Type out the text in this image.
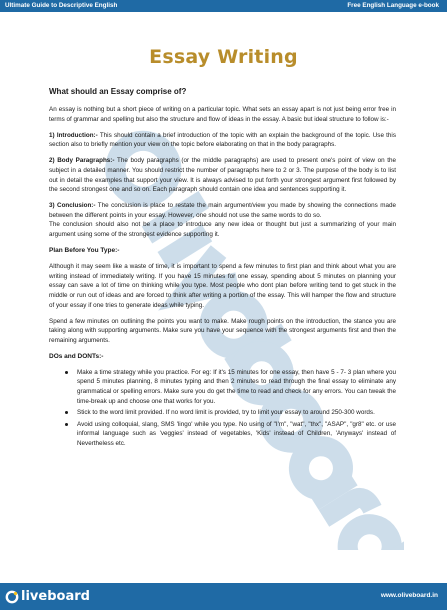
Ultimate Guide to Descriptive English	Free English Language e-book
Essay Writing
What should an Essay comprise of?

An essay is nothing but a short piece of writing on a particular topic. What sets an essay apart is not just being error free in terms of grammar and spelling but also the structure and flow of ideas in the essay. A basic but ideal structure to follow is:-

1) Introduction:- This should contain a brief introduction of the topic with an explain the background of the topic. Use this section also to briefly mention your view on the topic before elaborating on that in the body paragraphs.

2) Body Paragraphs:- The body paragraphs (or the middle paragraphs) are used to present one's point of view on the subject in a detailed manner. You should restrict the number of paragraphs here to 2 or 3. The purpose of the body is to list out in detail the examples that support your view. It is always advised to put forth your strongest argument first followed by the second strongest one and so on. Each paragraph should contain one idea and sentences supporting it.

3) Conclusion:- The conclusion is place to restate the main argument/view you made by showing the connections made between the different points in your essay. However, one should not use the same words to do so.

The conclusion should also not be a place to introduce any new idea or thought but just a summarizing of your main argument using some of the strongest evidence supporting it.

Plan Before You Type:-

Although it may seem like a waste of time, it is important to spend a few minutes to first plan and think about what you are writing instead of immediately writing. If you have 15 minutes for one essay, spending about 5 minutes on planning your essay can save a lot of time on thinking while you type. Most people who dont plan before writing tend to get stuck in the middle or run out of ideas and are forced to think after writing a portion of the essay. This will hamper the flow and structure of your essay if one tries to generate ideas while typing.

Spend a few minutes on outlining the points you want to make. Make rough points on the introduction, the stance you are taking along with supporting arguments. Make sure you have your sequence with the strongest arguments first and then the remaining arguments.

DOs and DONTs:-
Make a time strategy while you practice. For eg: If it's 15 minutes for one essay, then have 5 - 7- 3 plan where you spend 5 minutes planning, 8 minutes typing and then 2 minutes to read through the final essay to eliminate any grammatical or spelling errors. Make sure you do get the time to read and check for any errors. You can tweak the time-break up and choose one that works for you.
Stick to the word limit provided. If no word limit is provided, try to limit your essay to around 250-300 words.
Avoid using colloquial, slang, SMS 'lingo' while you type. No using of "I'm", "wat", "thx", "ASAP", "gr8" etc. or use informal language such as 'veggies' instead of vegetables, 'Kids' instead of Children, 'Anyways' instead of Nevertheless etc.
liveboard	www.oliveboard.in
